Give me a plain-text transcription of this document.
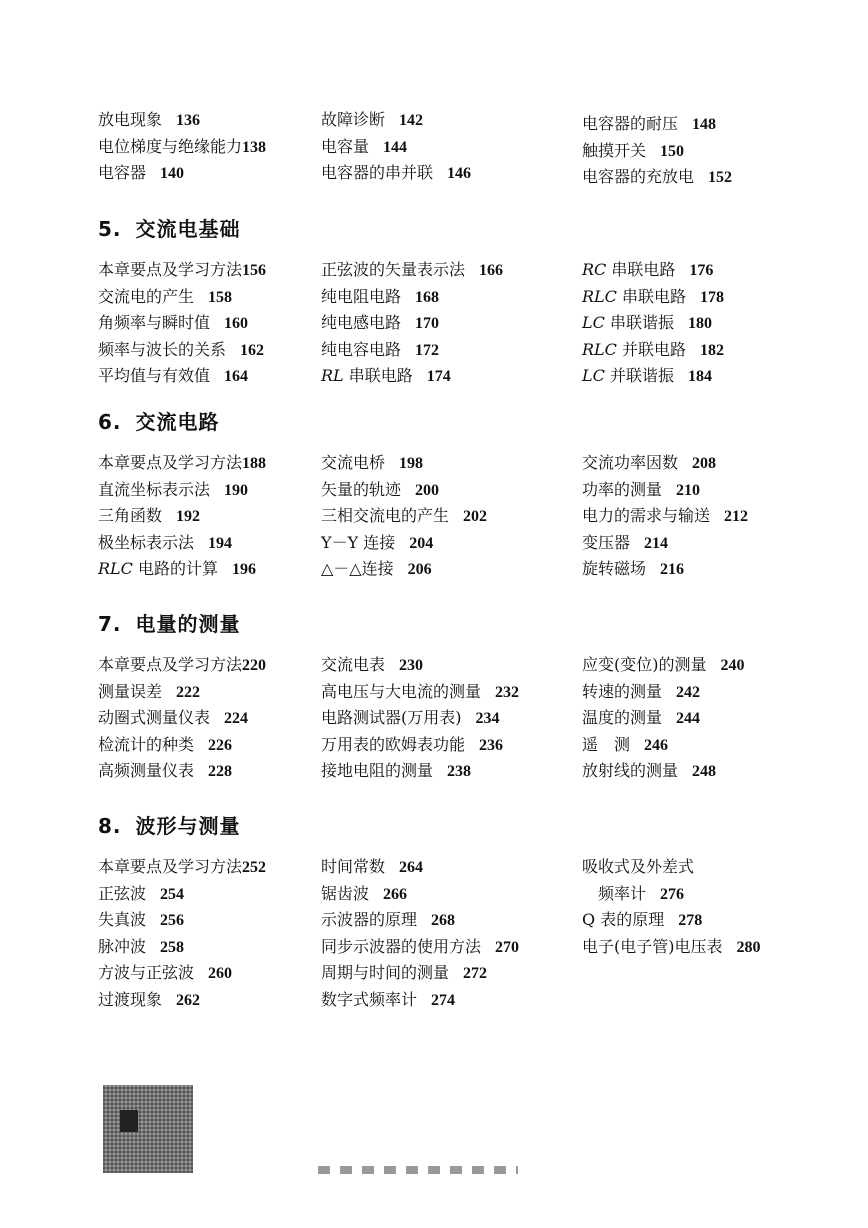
放电现象 136
电位梯度与绝缘能力138
电容器 140
故障诊断 142
电容量 144
电容器的串并联 146
电容器的耐压 148
触摸开关 150
电容器的充放电 152
5. 交流电基础
本章要点及学习方法156
交流电的产生 158
角频率与瞬时值 160
频率与波长的关系 162
平均值与有效值 164
正弦波的矢量表示法 166
纯电阻电路 168
纯电感电路 170
纯电容电路 172
RL 串联电路 174
RC 串联电路 176
RLC 串联电路 178
LC 串联谐振 180
RLC 并联电路 182
LC 并联谐振 184
6. 交流电路
本章要点及学习方法188
直流坐标表示法 190
三角函数 192
极坐标表示法 194
RLC 电路的计算 196
交流电桥 198
矢量的轨迹 200
三相交流电的产生 202
Y－Y 连接 204
△－△连接 206
交流功率因数 208
功率的测量 210
电力的需求与输送 212
变压器 214
旋转磁场 216
7. 电量的测量
本章要点及学习方法220
测量误差 222
动圈式测量仪表 224
检流计的种类 226
高频测量仪表 228
交流电表 230
高电压与大电流的测量 232
电路测试器(万用表) 234
万用表的欧姆表功能 236
接地电阻的测量 238
应变(变位)的测量 240
转速的测量 242
温度的测量 244
遥　测 246
放射线的测量 248
8. 波形与测量
本章要点及学习方法252
正弦波 254
失真波 256
脉冲波 258
方波与正弦波 260
过渡现象 262
时间常数 264
锯齿波 266
示波器的原理 268
同步示波器的使用方法 270
周期与时间的测量 272
数字式频率计 274
吸收式及外差式
　频率计 276
Q 表的原理 278
电子(电子管)电压表 280
